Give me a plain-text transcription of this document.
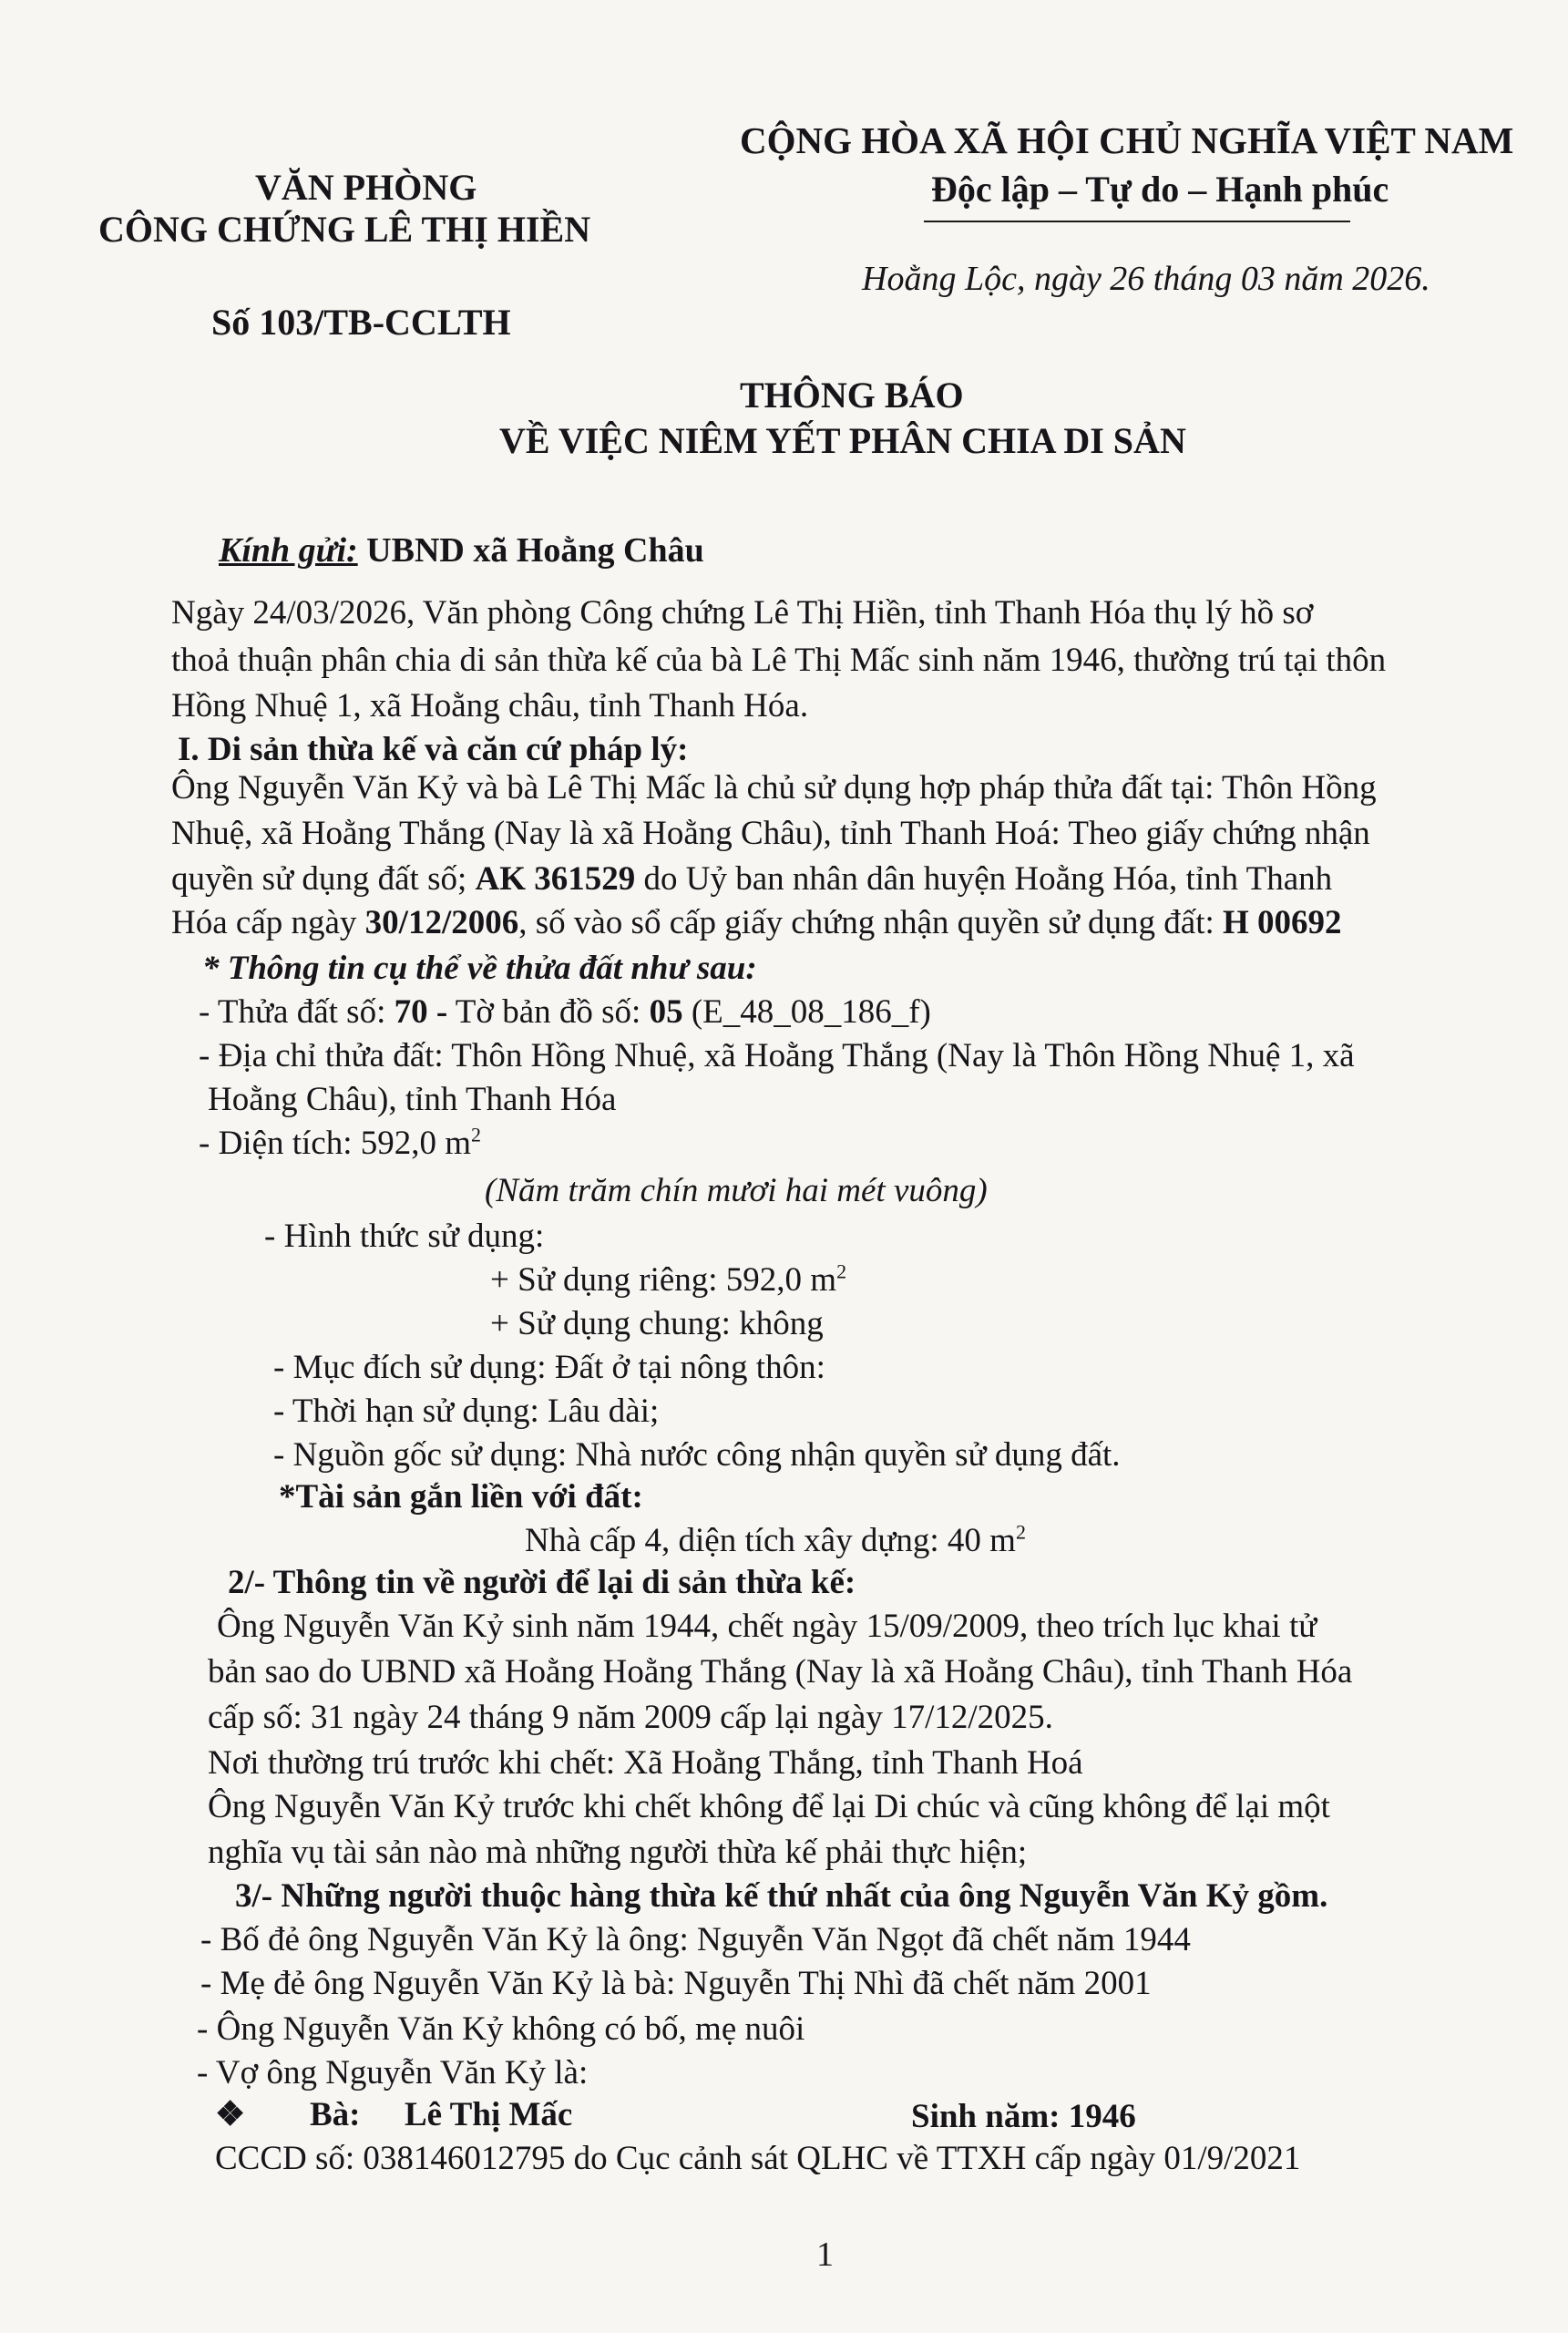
VĂN PHÒNG
CÔNG CHỨNG LÊ THỊ HIỀN
Số 103/TB-CCLTH
CỘNG HÒA XÃ HỘI CHỦ NGHĨA VIỆT NAM
Độc lập – Tự do – Hạnh phúc
Hoằng Lộc, ngày 26 tháng 03 năm 2026.
THÔNG BÁO
VỀ VIỆC NIÊM YẾT PHÂN CHIA DI SẢN
Kính gửi: UBND xã Hoằng Châu
Ngày 24/03/2026, Văn phòng Công chứng Lê Thị Hiền, tỉnh Thanh Hóa thụ lý hồ sơ
thoả thuận phân chia di sản thừa kế của bà Lê Thị Mấc sinh năm 1946, thường trú tại thôn
Hồng Nhuệ 1, xã Hoằng châu, tỉnh Thanh Hóa.
I. Di sản thừa kế và căn cứ pháp lý:
Ông Nguyễn Văn Kỷ và bà Lê Thị Mấc là chủ sử dụng hợp pháp thửa đất tại: Thôn Hồng
Nhuệ, xã Hoằng Thắng (Nay là xã Hoằng Châu), tỉnh Thanh Hoá: Theo giấy chứng nhận
quyền sử dụng đất số; AK 361529 do Uỷ ban nhân dân huyện Hoằng Hóa, tỉnh Thanh
Hóa cấp ngày 30/12/2006, số vào sổ cấp giấy chứng nhận quyền sử dụng đất: H 00692
* Thông tin cụ thể về thửa đất như sau:
- Thửa đất số: 70 - Tờ bản đồ số: 05 (E_48_08_186_f)
- Địa chỉ thửa đất: Thôn Hồng Nhuệ, xã Hoằng Thắng (Nay là Thôn Hồng Nhuệ 1, xã
Hoằng Châu), tỉnh Thanh Hóa
- Diện tích: 592,0 $m^2$
(Năm trăm chín mươi hai mét vuông)
- Hình thức sử dụng:
+ Sử dụng riêng: 592,0 $m^2$
+ Sử dụng chung: không
- Mục đích sử dụng: Đất ở tại nông thôn:
- Thời hạn sử dụng: Lâu dài;
- Nguồn gốc sử dụng: Nhà nước công nhận quyền sử dụng đất.
*Tài sản gắn liền với đất:
Nhà cấp 4, diện tích xây dựng: 40 $m^2$
2/- Thông tin về người để lại di sản thừa kế:
Ông Nguyễn Văn Kỷ sinh năm 1944, chết ngày 15/09/2009, theo trích lục khai tử
bản sao do UBND xã Hoằng Hoằng Thắng (Nay là xã Hoằng Châu), tỉnh Thanh Hóa
cấp số: 31 ngày 24 tháng 9 năm 2009 cấp lại ngày 17/12/2025.
Nơi thường trú trước khi chết: Xã Hoằng Thắng, tỉnh Thanh Hoá
Ông Nguyễn Văn Kỷ trước khi chết không để lại Di chúc và cũng không để lại một
nghĩa vụ tài sản nào mà những người thừa kế phải thực hiện;
3/- Những người thuộc hàng thừa kế thứ nhất của ông Nguyễn Văn Kỷ gồm.
- Bố đẻ ông Nguyễn Văn Kỷ là ông: Nguyễn Văn Ngọt đã chết năm 1944
- Mẹ đẻ ông Nguyễn Văn Kỷ là bà: Nguyễn Thị Nhì đã chết năm 2001
- Ông Nguyễn Văn Kỷ không có bố, mẹ nuôi
- Vợ ông Nguyễn Văn Kỷ là:
❖ Bà: Lê Thị Mấc	Sinh năm: 1946
CCCD số: 038146012795 do Cục cảnh sát QLHC về TTXH cấp ngày 01/9/2021
1
